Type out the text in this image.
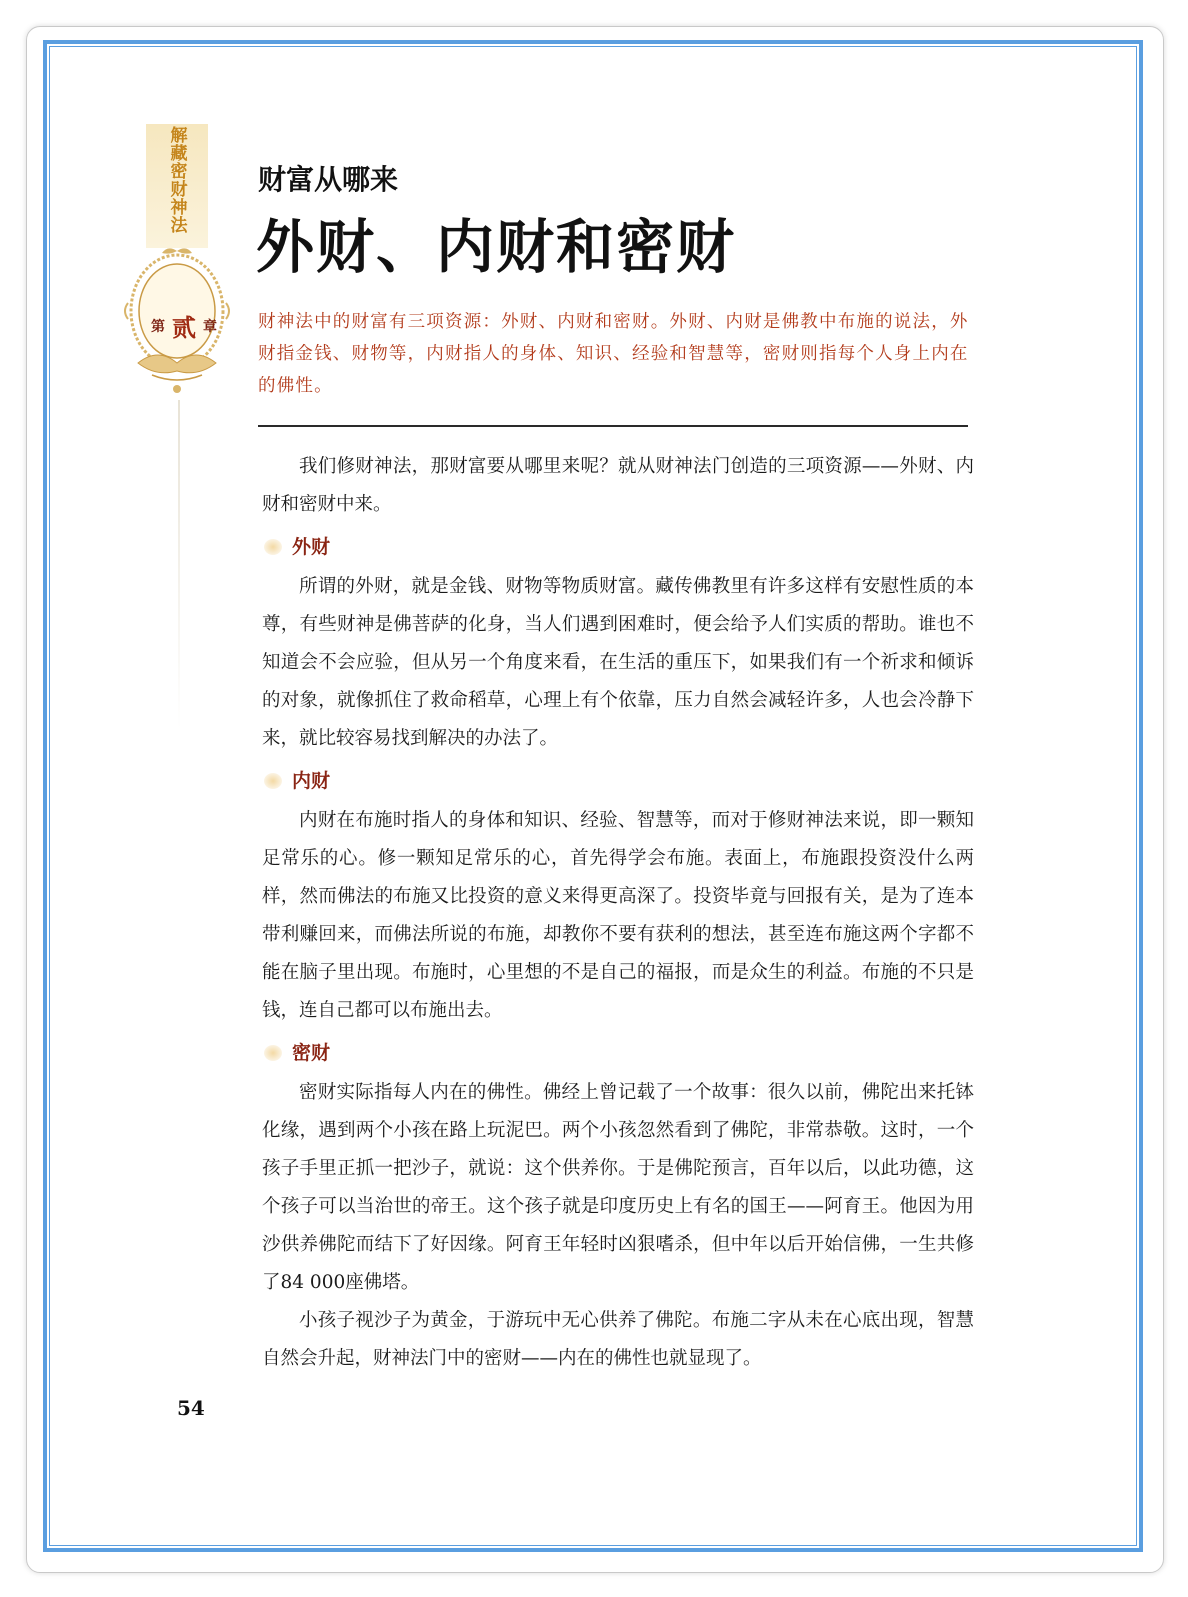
解藏密财神法
第 贰 章
财富从哪来
外财、内财和密财

财神法中的财富有三项资源：外财、内财和密财。外财、内财是佛教中布施的说法，外财指金钱、财物等，内财指人的身体、知识、经验和智慧等，密财则指每个人身上内在的佛性。

我们修财神法，那财富要从哪里来呢？就从财神法门创造的三项资源——外财、内财和密财中来。

外财

所谓的外财，就是金钱、财物等物质财富。藏传佛教里有许多这样有安慰性质的本尊，有些财神是佛菩萨的化身，当人们遇到困难时，便会给予人们实质的帮助。谁也不知道会不会应验，但从另一个角度来看，在生活的重压下，如果我们有一个祈求和倾诉的对象，就像抓住了救命稻草，心理上有个依靠，压力自然会减轻许多，人也会冷静下来，就比较容易找到解决的办法了。

内财

内财在布施时指人的身体和知识、经验、智慧等，而对于修财神法来说，即一颗知足常乐的心。修一颗知足常乐的心，首先得学会布施。表面上，布施跟投资没什么两样，然而佛法的布施又比投资的意义来得更高深了。投资毕竟与回报有关，是为了连本带利赚回来，而佛法所说的布施，却教你不要有获利的想法，甚至连布施这两个字都不能在脑子里出现。布施时，心里想的不是自己的福报，而是众生的利益。布施的不只是钱，连自己都可以布施出去。

密财

密财实际指每人内在的佛性。佛经上曾记载了一个故事：很久以前，佛陀出来托钵化缘，遇到两个小孩在路上玩泥巴。两个小孩忽然看到了佛陀，非常恭敬。这时，一个孩子手里正抓一把沙子，就说：这个供养你。于是佛陀预言，百年以后，以此功德，这个孩子可以当治世的帝王。这个孩子就是印度历史上有名的国王——阿育王。他因为用沙供养佛陀而结下了好因缘。阿育王年轻时凶狠嗜杀，但中年以后开始信佛，一生共修了84 000座佛塔。

小孩子视沙子为黄金，于游玩中无心供养了佛陀。布施二字从未在心底出现，智慧自然会升起，财神法门中的密财——内在的佛性也就显现了。

54
